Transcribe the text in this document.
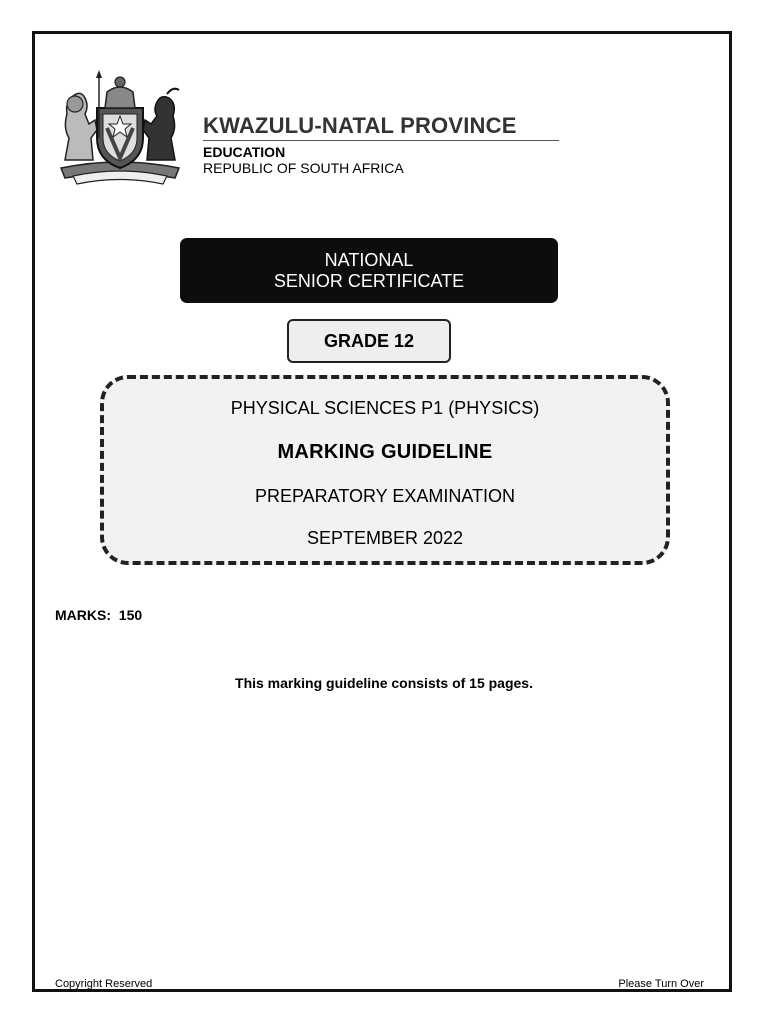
KWAZULU-NATAL PROVINCE
EDUCATION
REPUBLIC OF SOUTH AFRICA
NATIONAL
SENIOR CERTIFICATE
GRADE 12
PHYSICAL SCIENCES P1 (PHYSICS)
MARKING GUIDELINE
PREPARATORY EXAMINATION
SEPTEMBER 2022
MARKS: 150
This marking guideline consists of 15 pages.
Copyright Reserved	Please Turn Over
